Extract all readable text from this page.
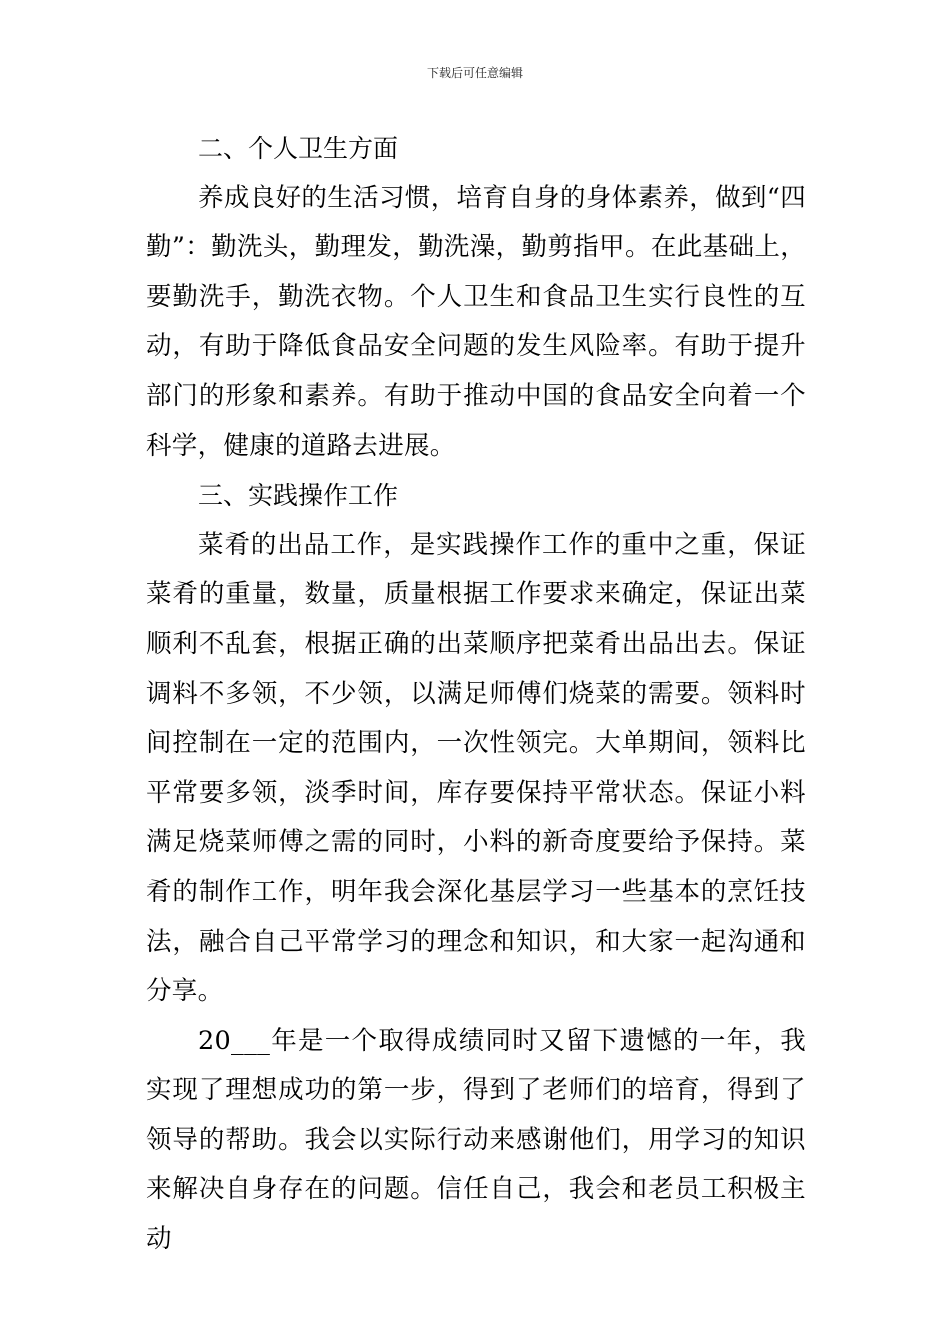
下载后可任意编辑
二、个人卫生方面

养成良好的生活习惯，培育自身的身体素养，做到“四勤”：勤洗头，勤理发，勤洗澡，勤剪指甲。在此基础上，要勤洗手，勤洗衣物。个人卫生和食品卫生实行良性的互动，有助于降低食品安全问题的发生风险率。有助于提升部门的形象和素养。有助于推动中国的食品安全向着一个科学，健康的道路去进展。

三、实践操作工作

菜肴的出品工作，是实践操作工作的重中之重，保证菜肴的重量，数量，质量根据工作要求来确定，保证出菜顺利不乱套，根据正确的出菜顺序把菜肴出品出去。保证调料不多领，不少领，以满足师傅们烧菜的需要。领料时间控制在一定的范围内，一次性领完。大单期间，领料比平常要多领，淡季时间，库存要保持平常状态。保证小料满足烧菜师傅之需的同时，小料的新奇度要给予保持。菜肴的制作工作，明年我会深化基层学习一些基本的烹饪技法，融合自己平常学习的理念和知识，和大家一起沟通和分享。

20___年是一个取得成绩同时又留下遗憾的一年，我实现了理想成功的第一步，得到了老师们的培育，得到了领导的帮助。我会以实际行动来感谢他们，用学习的知识来解决自身存在的问题。信任自己，我会和老员工积极主动
